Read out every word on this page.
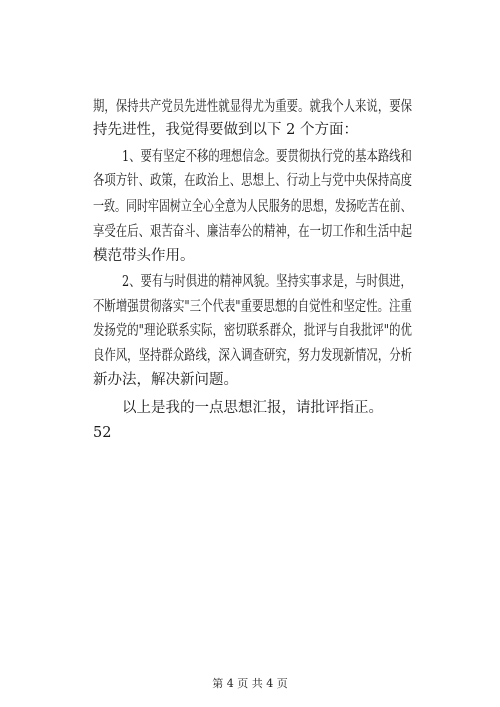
期，保持共产党员先进性就显得尤为重要。就我个人来说，要保
持先进性，我觉得要做到以下 2 个方面：
1、要有坚定不移的理想信念。要贯彻执行党的基本路线和
各项方针、政策，在政治上、思想上、行动上与党中央保持高度
一致。同时牢固树立全心全意为人民服务的思想，发扬吃苦在前、
享受在后、艰苦奋斗、廉洁奉公的精神，在一切工作和生活中起
模范带头作用。
2、要有与时俱进的精神风貌。坚持实事求是，与时俱进，
不断增强贯彻落实"三个代表"重要思想的自觉性和坚定性。注重
发扬党的"理论联系实际，密切联系群众，批评与自我批评"的优
良作风，坚持群众路线，深入调查研究，努力发现新情况，分析
新办法，解决新问题。
以上是我的一点思想汇报，请批评指正。
52
第 4 页 共 4 页
